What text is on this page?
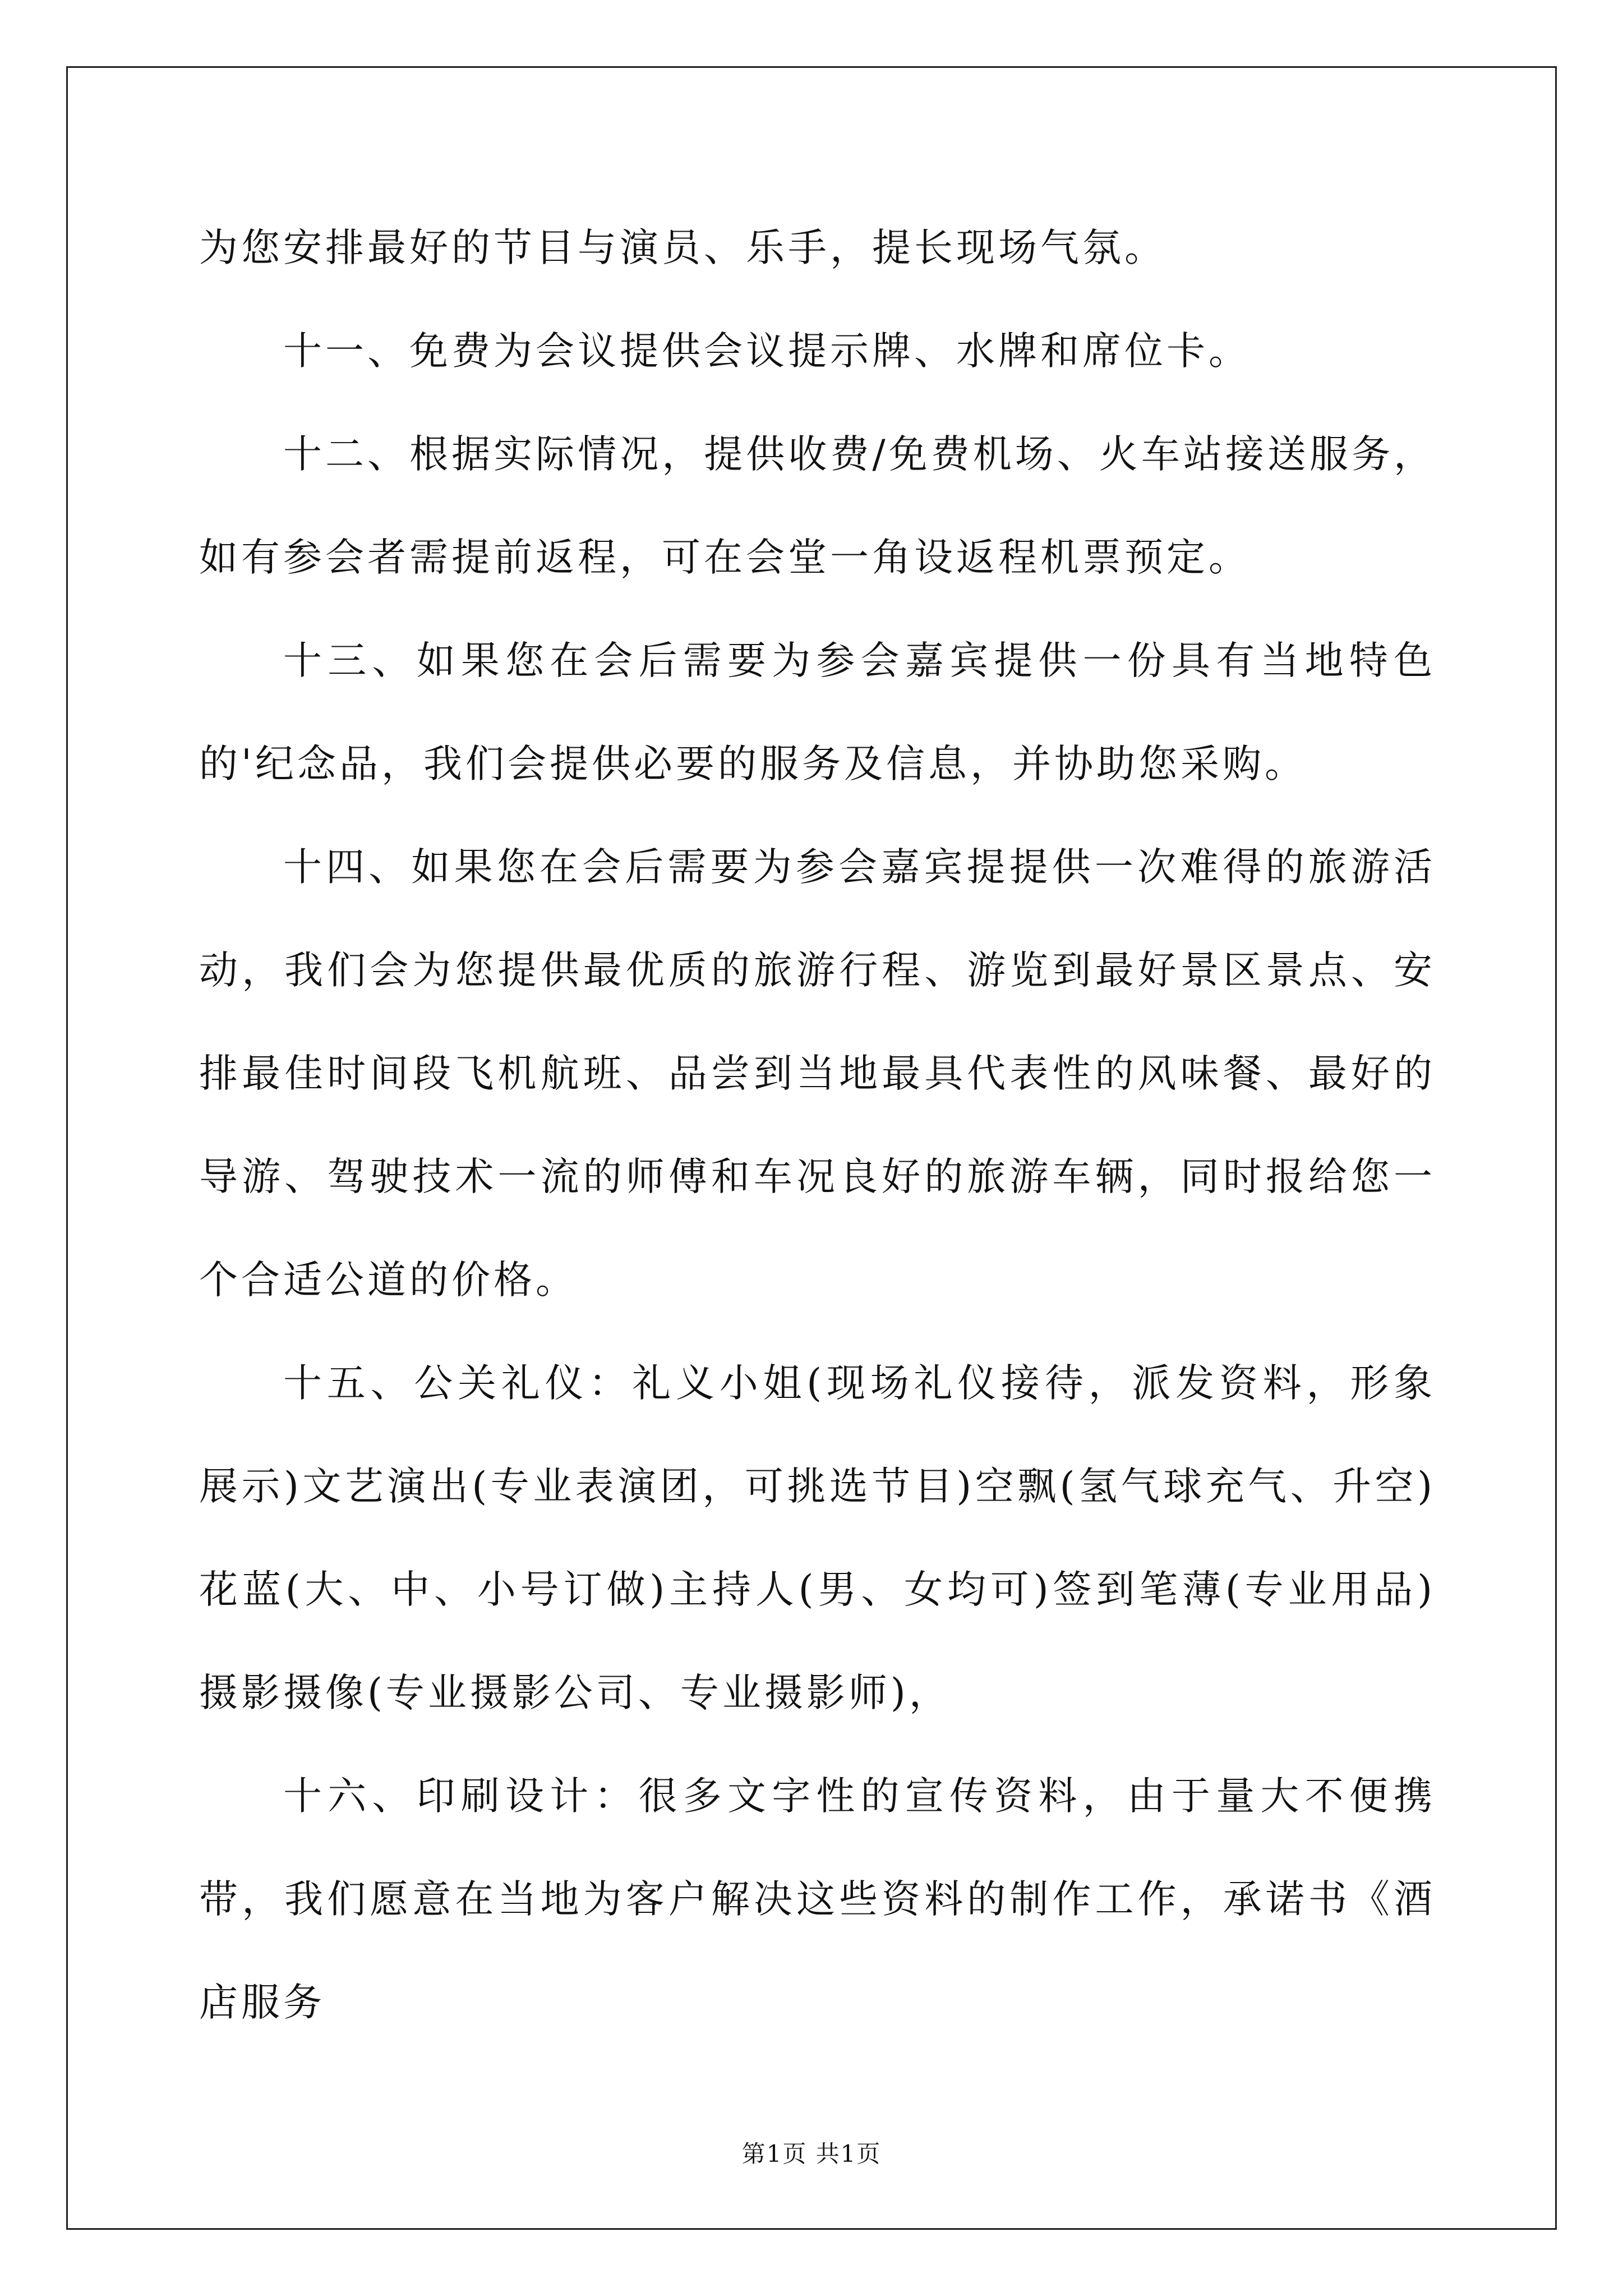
为您安排最好的节目与演员、乐手，提长现场气氛。

十一、免费为会议提供会议提示牌、水牌和席位卡。

十二、根据实际情况，提供收费/免费机场、火车站接送服务，如有参会者需提前返程，可在会堂一角设返程机票预定。

十三、如果您在会后需要为参会嘉宾提供一份具有当地特色的'纪念品，我们会提供必要的服务及信息，并协助您采购。

十四、如果您在会后需要为参会嘉宾提提供一次难得的旅游活动，我们会为您提供最优质的旅游行程、游览到最好景区景点、安排最佳时间段飞机航班、品尝到当地最具代表性的风味餐、最好的导游、驾驶技术一流的师傅和车况良好的旅游车辆，同时报给您一个合适公道的价格。

十五、公关礼仪：礼义小姐(现场礼仪接待，派发资料，形象展示)文艺演出(专业表演团，可挑选节目)空飘(氢气球充气、升空)花蓝(大、中、小号订做)主持人(男、女均可)签到笔薄(专业用品)摄影摄像(专业摄影公司、专业摄影师)，

十六、印刷设计：很多文字性的宣传资料，由于量大不便携带，我们愿意在当地为客户解决这些资料的制作工作，承诺书《酒店服务

第1页 共1页
